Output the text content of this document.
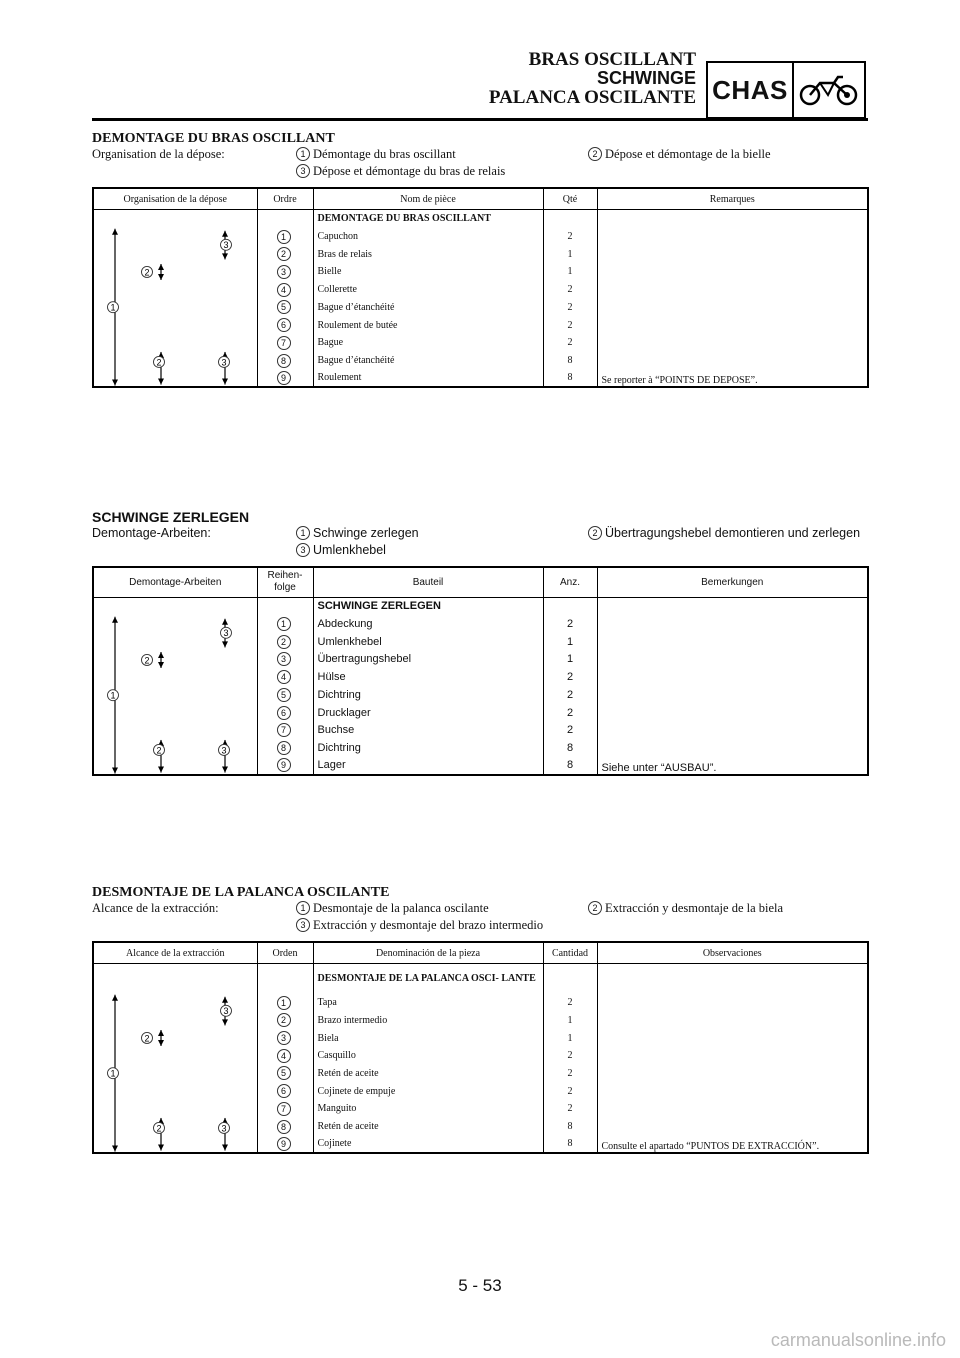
BRAS OSCILLANT
SCHWINGE
PALANCA OSCILANTE CHAS
DEMONTAGE DU BRAS OSCILLANT
Organisation de la dépose:	1 Démontage du bras oscillant	2 Dépose et démontage de la bielle
3 Dépose et démontage du bras de relais
Organisation de la dépose	Ordre	Nom de pièce	Qté	Remarques

1
3
2
2 3		DEMONTAGE DU BRAS OSCILLANT		
	1	Capuchon	2	
	2	Bras de relais	1	
	3	Bielle	1	
	4	Collerette	2	
	5	Bague d’étanchéité	2	
	6	Roulement de butée	2	
	7	Bague	2	
	8	Bague d’étanchéité	8	
	9	Roulement	8	Se reporter à “POINTS DE DEPOSE”.
SCHWINGE ZERLEGEN
Demontage-Arbeiten:	1 Schwinge zerlegen	2 Übertragungshebel demontieren und zerlegen
3 Umlenkhebel
Demontage-Arbeiten	Reihen-folge	Bauteil	Anz.	Bemerkungen

1
3
2
2 3		SCHWINGE ZERLEGEN		
	1	Abdeckung	2	
	2	Umlenkhebel	1	
	3	Übertragungshebel	1	
	4	Hülse	2	
	5	Dichtring	2	
	6	Drucklager	2	
	7	Buchse	2	
	8	Dichtring	8	
	9	Lager	8	Siehe unter “AUSBAU”.
DESMONTAJE DE LA PALANCA OSCILANTE
Alcance de la extracción:	1 Desmontaje de la palanca oscilante	2 Extracción y desmontaje de la biela
3 Extracción y desmontaje del brazo intermedio
Alcance de la extracción	Orden	Denominación de la pieza	Cantidad	Observaciones

1
3
2
2 3		DESMONTAJE DE LA PALANCA OSCI- LANTE		
	1	Tapa	2	
	2	Brazo intermedio	1	
	3	Biela	1	
	4	Casquillo	2	
	5	Retén de aceite	2	
	6	Cojinete de empuje	2	
	7	Manguito	2	
	8	Retén de aceite	8	
	9	Cojinete	8	Consulte el apartado “PUNTOS DE EXTRACCIÓN”.
5 - 53
carmanualsonline.info
